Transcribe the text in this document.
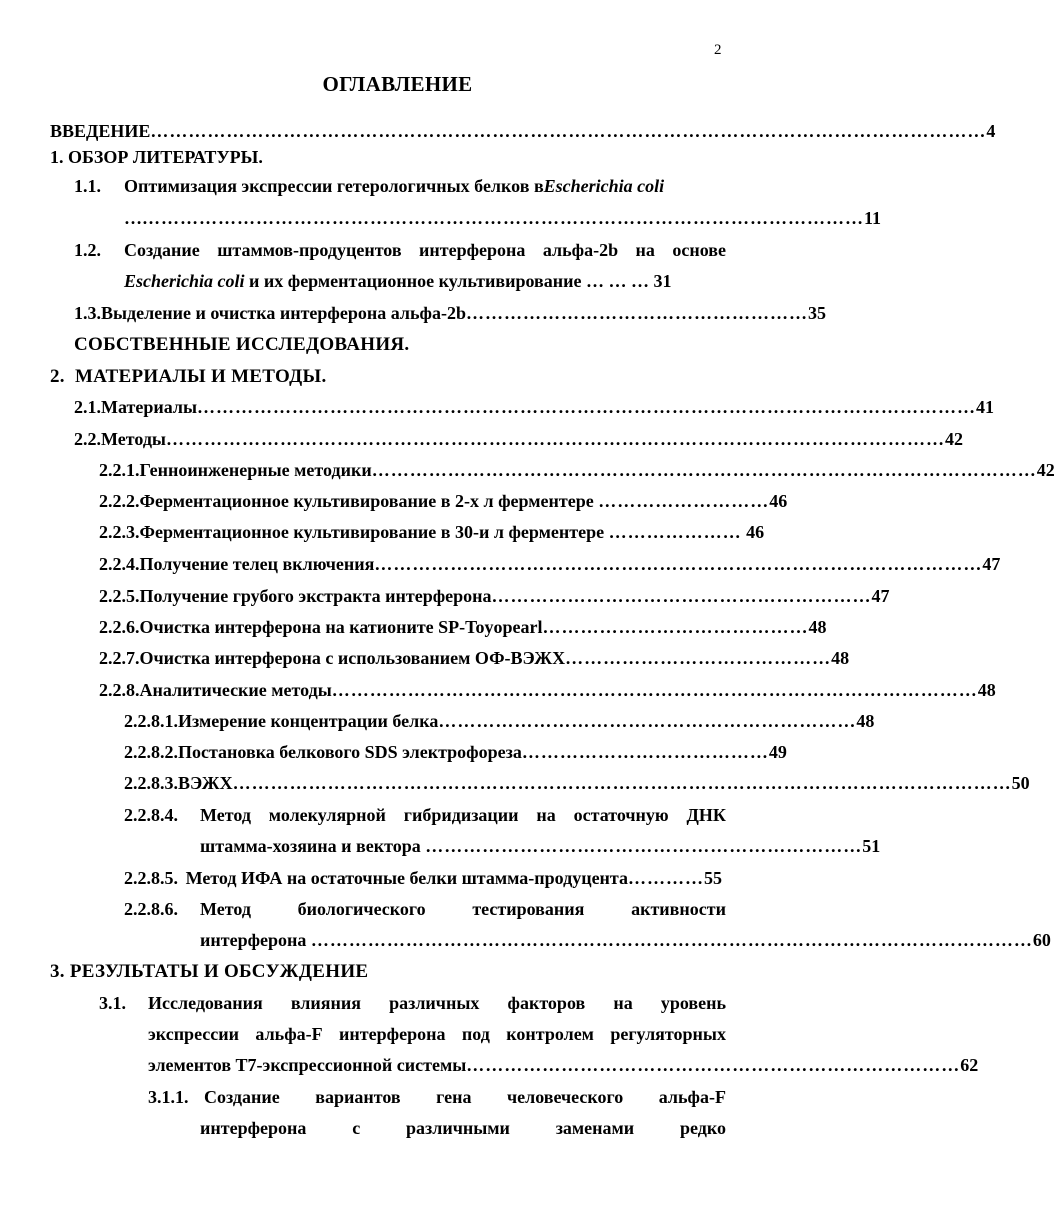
2
ОГЛАВЛЕНИЕ
ВВЕДЕНИЕ …………………………………………………………………………………………………………………… 4
1. ОБЗОР ЛИТЕРАТУРЫ.
1.1.	Оптимизация экспрессии гетерологичных белков в Escherichia coli
… …………………………………………………………………………………………………… 11
1.2. Создание штаммов-продуцентов интерферона альфа-2b на основе
Escherichia coli и их ферментационное культивирование … … … 31
1.3. Выделение и очистка интерферона альфа-2b ……………………………………………… 35
СОБСТВЕННЫЕ ИССЛЕДОВАНИЯ.
2.  МАТЕРИАЛЫ И МЕТОДЫ.
2.1. Материалы …………………………………………………………………………………………………………… 41
2.2. Методы …………………………………………………………………………………………………………… 42
2.2.1. Генноинженерные методики …………………………………………………………………………………………… 42
2.2.2. Ферментационное культивирование в 2-х л ферментере ……………………… 46
2.2.3. Ферментационное культивирование в 30-и л ферментере ………………… 46
2.2.4. Получение телец включения …………………………………………………………………………………… 47
2.2.5. Получение грубого экстракта интерферона …………………………………………………… 47
2.2.6. Очистка интерферона на катионите SP-Toyopearl …………………………………… 48
2.2.7. Очистка интерферона с использованием ОФ-ВЭЖХ …………………………………… 48
2.2.8. Аналитические методы ………………………………………………………………………………………… 48
2.2.8.1. Измерение концентрации белка ………………………………………………………… 48
2.2.8.2. Постановка белкового SDS электрофореза ………………………………… 49
2.2.8.3. ВЭЖХ …………………………………………………………………………………………………………… 50
2.2.8.4. Метод молекулярной гибридизации на остаточную ДНК
штамма-хозяина и вектора …………………………………………………………… 51
2.2.8.5. Метод ИФА на остаточные белки штамма-продуцента ………… 55
2.2.8.6. Метод	биологического	тестирования	активности
интерферона …………………………………………………………………………………………………… 60
3. РЕЗУЛЬТАТЫ И ОБСУЖДЕНИЕ
3.1. Исследования влияния различных факторов на уровень
экспрессии альфа-F интерферона под контролем регуляторных
элементов Т7-экспрессионной системы …………………………………………………………………… 62
3.1.1. Создание вариантов гена человеческого альфа-F
интерферона	с	различными	заменами	редко
